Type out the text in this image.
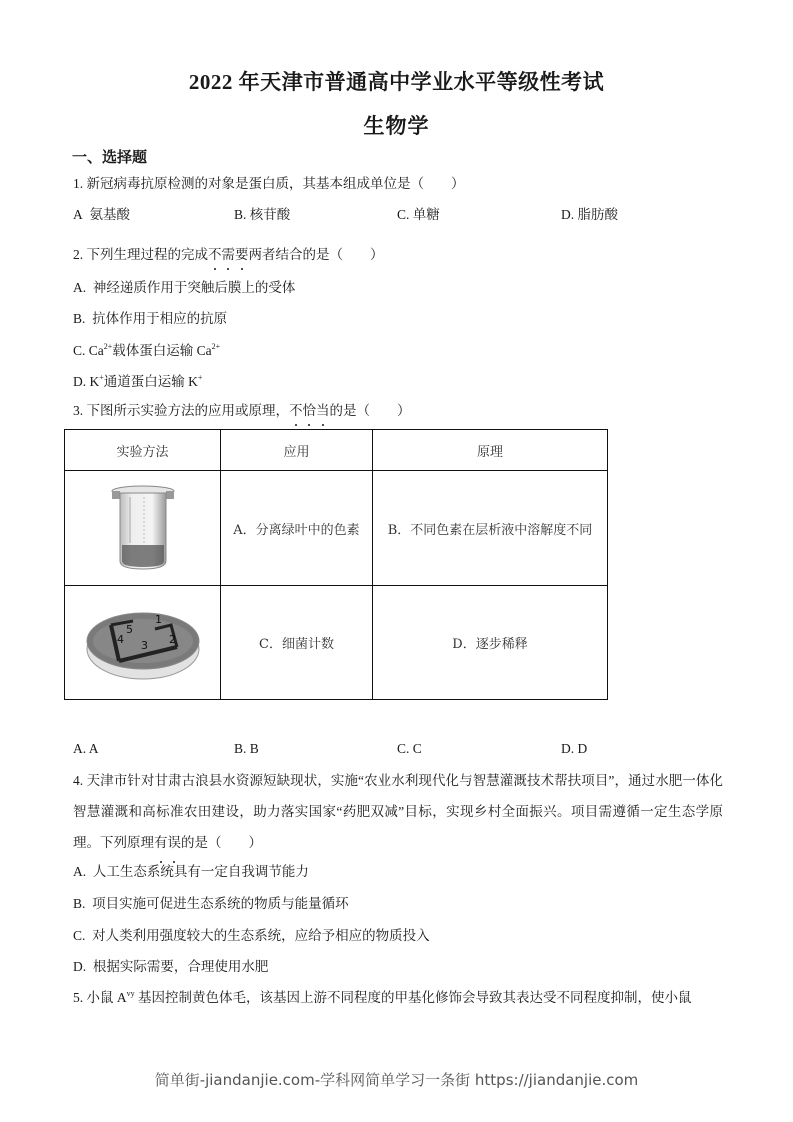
2022 年天津市普通高中学业水平等级性考试
生物学
一、选择题
1. 新冠病毒抗原检测的对象是蛋白质，其基本组成单位是（　　）
A 氨基酸	B. 核苷酸	C. 单糖	D. 脂肪酸
2. 下列生理过程的完成不需要两者结合的是（　　）
A. 神经递质作用于突触后膜上的受体
B. 抗体作用于相应的抗原
C. $Ca^{2+}$载体蛋白运输 $Ca^{2+}$
D. K+通道蛋白运输 K+
3. 下图所示实验方法的应用或原理，不恰当的是（　　）
实验方法	应用	原理

	A．分离绿叶中的色素	B．不同色素在层析液中溶解度不同

1
2
3
4
5	C．细菌计数	D．逐步稀释
A. A	B. B	C. C	D. D
4. 天津市针对甘肃古浪县水资源短缺现状，实施“农业水利现代化与智慧灌溉技术帮扶项目”，通过水肥一体化智慧灌溉和高标准农田建设，助力落实国家“药肥双减”目标，实现乡村全面振兴。项目需遵循一定生态学原理。下列原理有误的是（　　）
A. 人工生态系统具有一定自我调节能力
B. 项目实施可促进生态系统的物质与能量循环
C. 对人类利用强度较大的生态系统，应给予相应的物质投入
D. 根据实际需要，合理使用水肥
5. 小鼠 $A^{vy}$ 基因控制黄色体毛，该基因上游不同程度的甲基化修饰会导致其表达受不同程度抑制，使小鼠
简单街-jiandanjie.com-学科网简单学习一条街 https://jiandanjie.com
